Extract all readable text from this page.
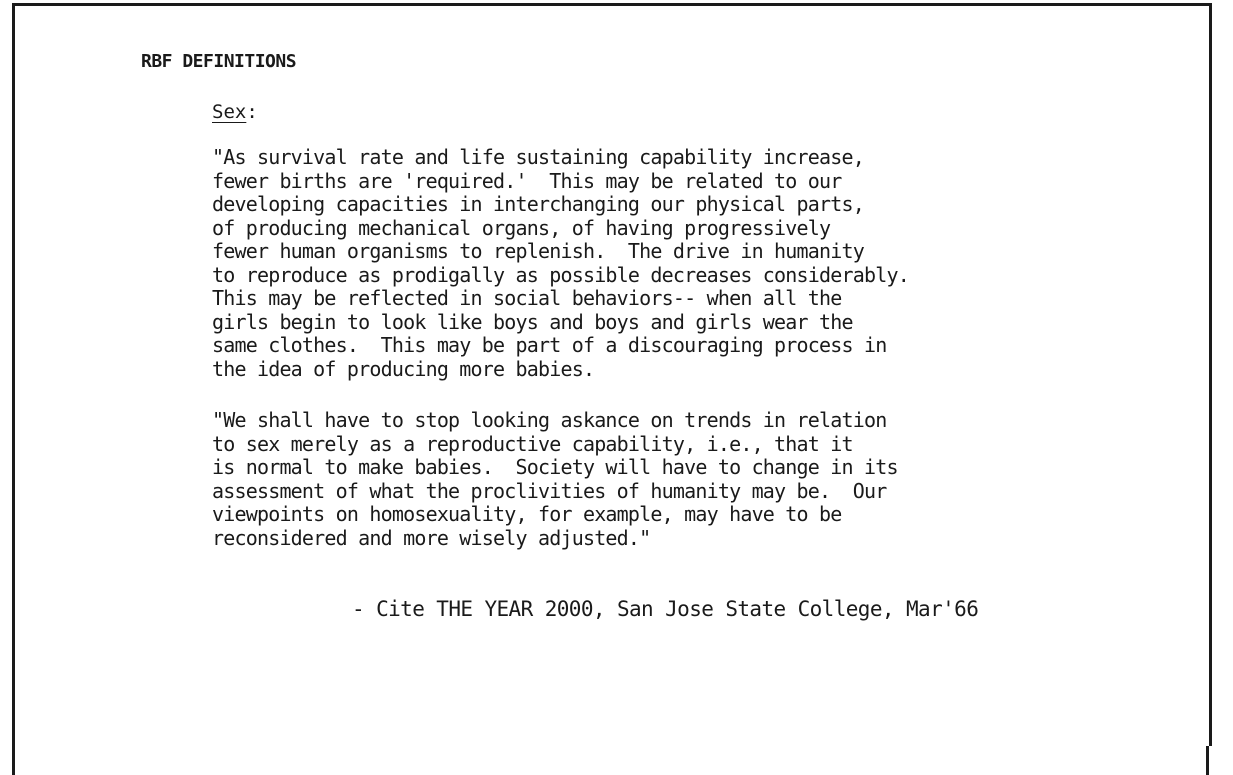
RBF DEFINITIONS
Sex:
"As survival rate and life sustaining capability increase,
fewer births are 'required.'  This may be related to our
developing capacities in interchanging our physical parts,
of producing mechanical organs, of having progressively
fewer human organisms to replenish.  The drive in humanity
to reproduce as prodigally as possible decreases considerably.
This may be reflected in social behaviors-- when all the
girls begin to look like boys and boys and girls wear the
same clothes.  This may be part of a discouraging process in
the idea of producing more babies.
"We shall have to stop looking askance on trends in relation
to sex merely as a reproductive capability, i.e., that it
is normal to make babies.  Society will have to change in its
assessment of what the proclivities of humanity may be.  Our
viewpoints on homosexuality, for example, may have to be
reconsidered and more wisely adjusted."
- Cite THE YEAR 2000, San Jose State College, Mar'66
